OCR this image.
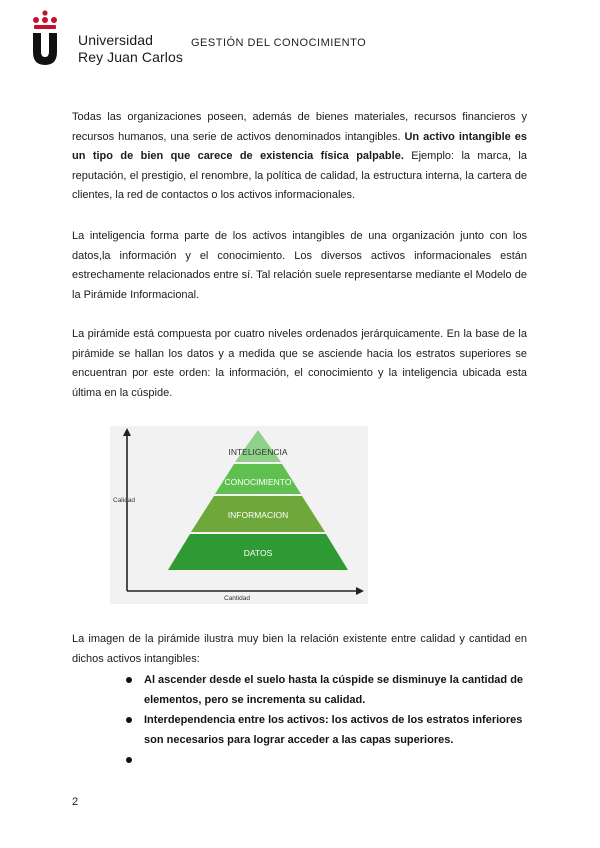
Universidad
Rey Juan Carlos
GESTIÓN DEL CONOCIMIENTO
Todas las organizaciones poseen, además de bienes materiales, recursos financieros y recursos humanos, una serie de activos denominados intangibles. Un activo intangible es un tipo de bien que carece de existencia física palpable. Ejemplo: la marca, la reputación, el prestigio, el renombre, la política de calidad, la estructura interna, la cartera de clientes, la red de contactos o los activos informacionales.
La inteligencia forma parte de los activos intangibles de una organización junto con los datos,la información y el conocimiento. Los diversos activos informacionales están estrechamente relacionados entre sí. Tal relación suele representarse mediante el Modelo de la Pirámide Informacional.
La pirámide está compuesta por cuatro niveles ordenados jerárquicamente. En la base de la pirámide se hallan los datos y a medida que se asciende hacia los estratos superiores se encuentran por este orden: la información, el conocimiento y la inteligencia ubicada esta última en la cúspide.
Calidad
Cantidad
INTELIGENCIA
CONOCIMIENTO
INFORMACION
DATOS
La imagen de la pirámide ilustra muy bien la relación existente entre calidad y cantidad en dichos activos intangibles:
Al ascender desde el suelo hasta la cúspide se disminuye la cantidad de elementos, pero se incrementa su calidad.
Interdependencia entre los activos: los activos de los estratos inferiores son necesarios para lograr acceder a las capas superiores.
2
